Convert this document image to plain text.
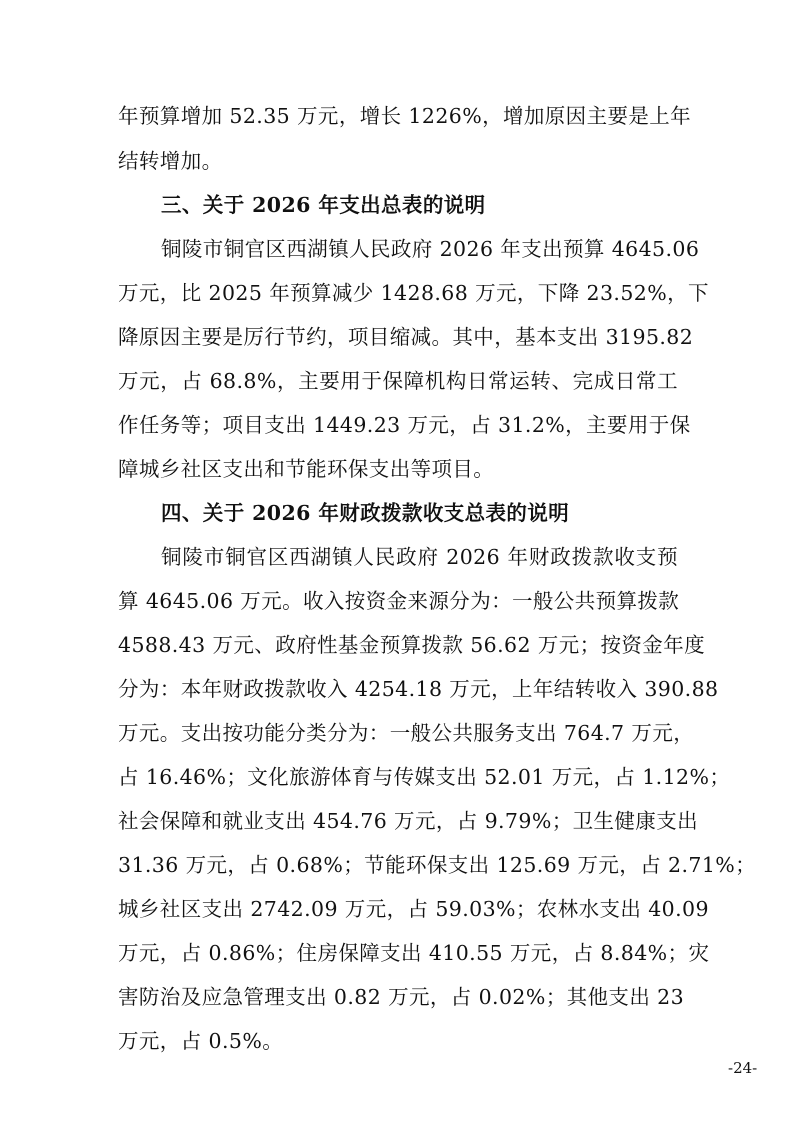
年预算增加 52.35 万元，增长 1226%，增加原因主要是上年
结转增加。
三、关于 2026 年支出总表的说明
铜陵市铜官区西湖镇人民政府 2026 年支出预算 4645.06
万元，比 2025 年预算减少 1428.68 万元，下降 23.52%，下
降原因主要是厉行节约，项目缩减。其中，基本支出 3195.82
万元，占 68.8%，主要用于保障机构日常运转、完成日常工
作任务等；项目支出 1449.23 万元，占 31.2%，主要用于保
障城乡社区支出和节能环保支出等项目。
四、关于 2026 年财政拨款收支总表的说明
铜陵市铜官区西湖镇人民政府 2026 年财政拨款收支预
算 4645.06 万元。收入按资金来源分为：一般公共预算拨款
4588.43 万元、政府性基金预算拨款 56.62 万元；按资金年度
分为：本年财政拨款收入 4254.18 万元，上年结转收入 390.88
万元。支出按功能分类分为：一般公共服务支出 764.7 万元，
占 16.46%；文化旅游体育与传媒支出 52.01 万元，占 1.12%；
社会保障和就业支出 454.76 万元，占 9.79%；卫生健康支出
31.36 万元，占 0.68%；节能环保支出 125.69 万元，占 2.71%；
城乡社区支出 2742.09 万元，占 59.03%；农林水支出 40.09
万元，占 0.86%；住房保障支出 410.55 万元，占 8.84%；灾
害防治及应急管理支出 0.82 万元，占 0.02%；其他支出 23
万元，占 0.5%。
-24-
